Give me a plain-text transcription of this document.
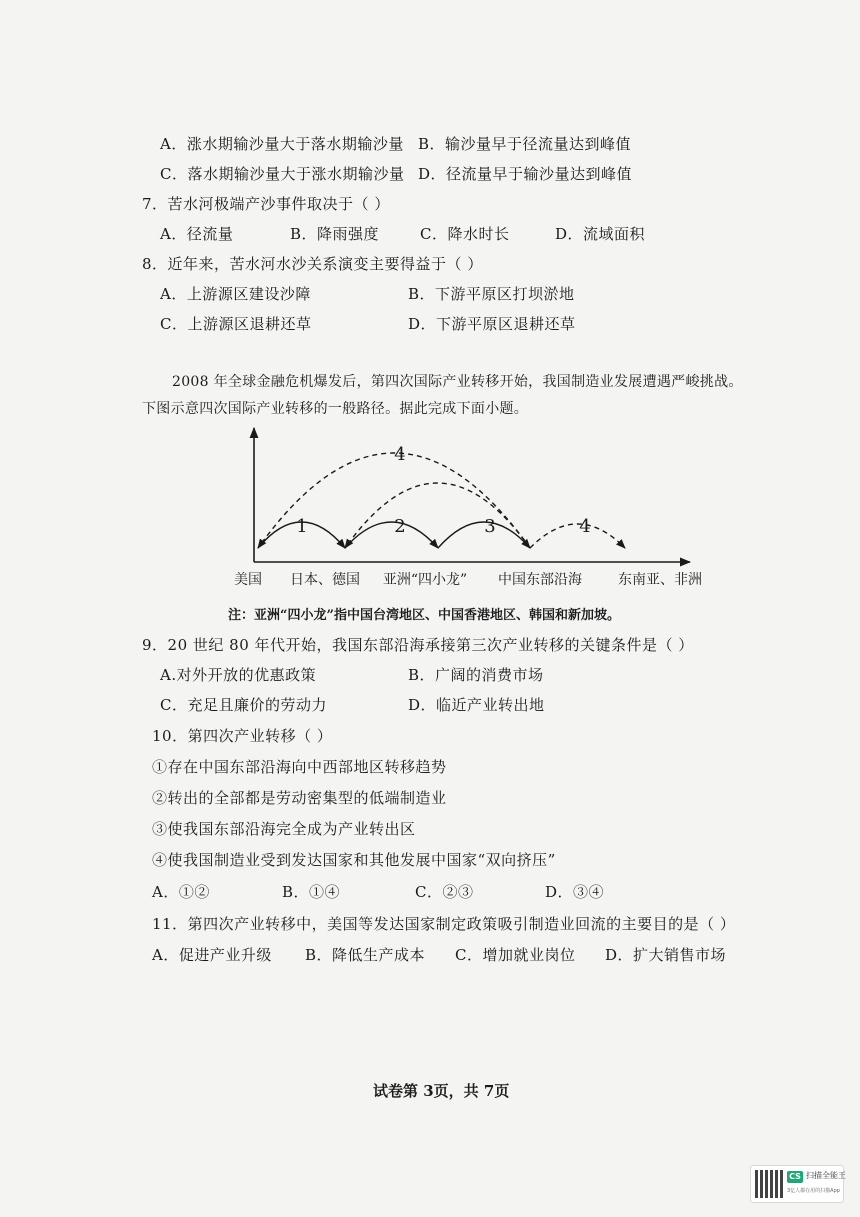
A．涨水期输沙量大于落水期输沙量 B．输沙量早于径流量达到峰值
C．落水期输沙量大于涨水期输沙量 D．径流量早于输沙量达到峰值
7．苦水河极端产沙事件取决于（ ）
A．径流量	B．降雨强度	C．降水时长	D．流域面积
8．近年来，苦水河水沙关系演变主要得益于（ ）
A．上游源区建设沙障	B．下游平原区打坝淤地
C．上游源区退耕还草	D．下游平原区退耕还草
2008 年全球金融危机爆发后，第四次国际产业转移开始，我国制造业发展遭遇严峻挑战。
下图示意四次国际产业转移的一般路径。据此完成下面小题。
1	2	3	4
4
美国 日本、德国 亚洲“四小龙” 中国东部沿海	东南亚、非洲
注：亚洲“四小龙”指中国台湾地区、中国香港地区、韩国和新加坡。
9．20 世纪 80 年代开始，我国东部沿海承接第三次产业转移的关键条件是（ ）
A.对外开放的优惠政策	B．广阔的消费市场
C．充足且廉价的劳动力	D．临近产业转出地
10．第四次产业转移（ ）
①存在中国东部沿海向中西部地区转移趋势
②转出的全部都是劳动密集型的低端制造业
③使我国东部沿海完全成为产业转出区
④使我国制造业受到发达国家和其他发展中国家“双向挤压”
A．①②	B．①④	C．②③	D．③④
11．第四次产业转移中，美国等发达国家制定政策吸引制造业回流的主要目的是（ ）
A．促进产业升级 B．降低生产成本 C．增加就业岗位 D．扩大销售市场
试卷第 3页，共 7页
CS 扫描全能王
3亿人都在用的扫描App
